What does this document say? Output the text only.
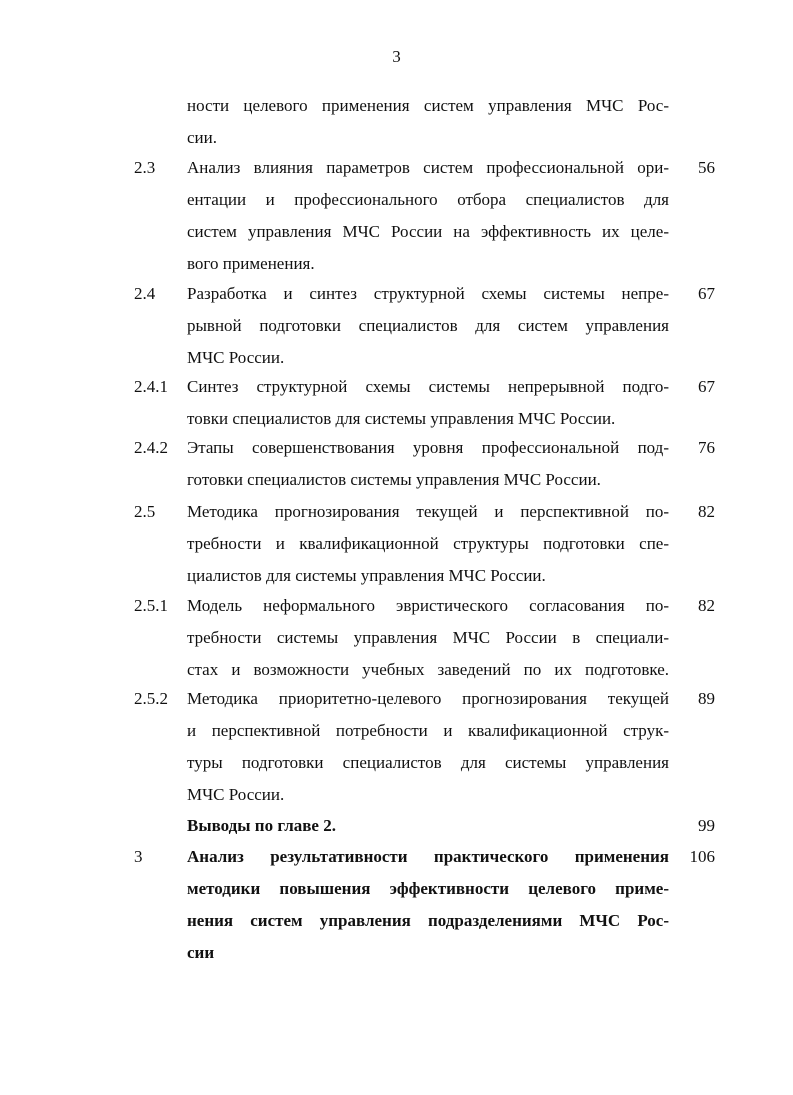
3
ности целевого применения систем управления МЧС Рос-
сии.
2.3 Анализ влияния параметров систем профессиональной ори-
ентации и профессионального отбора специалистов для
систем управления МЧС России на эффективность их целе-
вого применения.
56
2.4 Разработка и синтез структурной схемы системы непре-
рывной подготовки специалистов для систем управления
МЧС России.
67
2.4.1 Синтез структурной схемы системы непрерывной подго-
товки специалистов для системы управления МЧС России.
67
2.4.2 Этапы совершенствования уровня профессиональной под-
готовки специалистов системы управления МЧС России.
76
2.5 Методика прогнозирования текущей и перспективной по-
требности и квалификационной структуры подготовки спе-
циалистов для системы управления МЧС России.
82
2.5.1 Модель неформального эвристического согласования по-
требности системы управления МЧС России в специали-
стах и возможности учебных заведений по их подготовке.
82
2.5.2 Методика приоритетно-целевого прогнозирования текущей
и перспективной потребности и квалификационной струк-
туры подготовки специалистов для системы управления
МЧС России.
89
Выводы по главе 2.	99
3	Анализ результативности практического применения
методики повышения эффективности целевого приме-
нения систем управления подразделениями МЧС Рос-
сии
106
